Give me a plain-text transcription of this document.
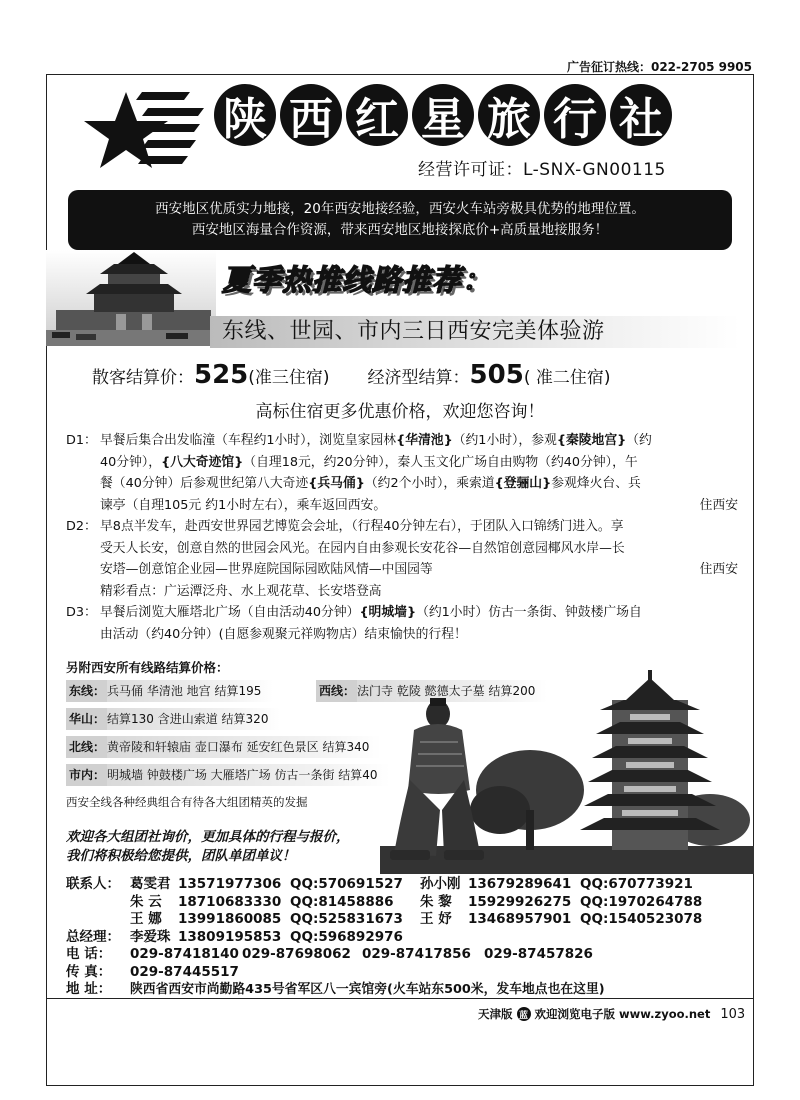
广告征订热线：022-2705 9905
陕 西 红 星 旅 行 社
经营许可证：L-SNX-GN00115
西安地区优质实力地接，20年西安地接经验，西安火车站旁极具优势的地理位置。
西安地区海量合作资源，带来西安地区地接探底价+高质量地接服务！
夏季热推线路推荐：
东线、世园、市内三日西安完美体验游
散客结算价：525(准三住宿) 经济型结算：505( 准二住宿)
高标住宿更多优惠价格，欢迎您咨询！
D1： 早餐后集合出发临潼（车程约1小时），浏览皇家园林{华清池}（约1小时），参观{秦陵地宫}（约
40分钟），{八大奇迹馆}（自理18元，约20分钟），秦人玉文化广场自由购物（约40分钟），午
餐（40分钟）后参观世纪第八大奇迹{兵马俑}（约2个小时），乘索道{登骊山}参观烽火台、兵
住西安
谏亭（自理105元 约1小时左右），乘车返回西安。
D2： 早8点半发车，赴西安世界园艺博览会会址，（行程40分钟左右），于团队入口锦绣门进入。享
受天人长安，创意自然的世园会风光。在园内自由参观长安花谷—自然馆创意园椰风水岸—长
住西安
安塔—创意馆企业园—世界庭院国际园欧陆风情—中国园等
精彩看点：广运潭泛舟、水上观花草、长安塔登高
D3： 早餐后浏览大雁塔北广场（自由活动40分钟）{明城墙}（约1小时）仿古一条街、钟鼓楼广场自
由活动（约40分钟）(自愿参观聚元祥购物店）结束愉快的行程！
另附西安所有线路结算价格：
东线： 兵马俑 华清池 地宫 结算195	西线： 法门寺 乾陵 懿德太子墓 结算200
华山： 结算130 含进山索道 结算320
北线： 黄帝陵和轩辕庙 壶口瀑布 延安红色景区 结算340
市内： 明城墙 钟鼓楼广场 大雁塔广场 仿古一条街 结算40
西安全线各种经典组合有待各大组团精英的发掘
欢迎各大组团社询价，更加具体的行程与报价，
我们将积极给您提供，团队单团单议！
联系人： 葛雯君 13571977306 QQ:570691527 孙小刚 13679289641 QQ:670773921
朱 云 18710683330 QQ:81458886 朱 黎 15929926275 QQ:1970264788
王 娜 13991860085 QQ:525831673 王 妤 13468957901 QQ:1540523078
总经理： 李爱珠 13809195853 QQ:596892976
电 话： 029-87418140 029-87698062 029-87417856 029-87457826
传 真： 029-87445517
地 址： 陕西省西安市尚勤路435号省军区八一宾馆旁(火车站东500米，发车地点也在这里)
天津版 蓝 欢迎浏览电子版 www.zyoo.net 103
